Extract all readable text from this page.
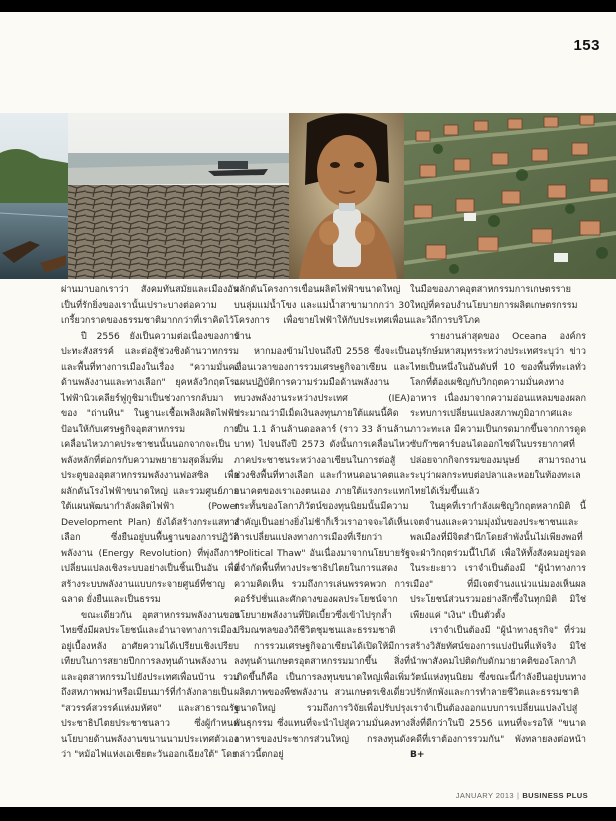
153

ผ่านมาบอกเราว่า สังคมทันสมัยและเมืองอันเป็นที่รักยิ่งของเรานั้นเปราะบางต่อความเกรี้ยวกราดของธรรมชาติมากกว่าที่เราคิดไว้

ปี 2556 ยังเป็นความต่อเนื่องของการปะทะสังสรรค์ และต่อสู้ช่วงชิงด้านวาทกรรมและพื้นที่ทางการเมืองในเรื่อง "ความมั่นคงด้านพลังงานและทางเลือก" ยุคหลังวิกฤตโรงไฟฟ้านิวเคลียร์ฟูกูชิมาเป็นช่วงการกลับมาของ "ถ่านหิน" ในฐานะเชื้อเพลิงผลิตไฟฟ้าป้อนให้กับเศรษฐกิจอุตสาหกรรม การเคลื่อนไหวภาคประชาชนนั้นนอกจากจะเป็นพลังหลักที่ต่อกรกับความพยายามสุดลิ่มทิ่มประตูของอุตสาหกรรมพลังงานฟอสซิล เพื่อผลักดันโรงไฟฟ้าขนาดใหญ่ และรวมศูนย์ภายใต้แผนพัฒนากำลังผลิตไฟฟ้า (Power Development Plan) ยังได้สร้างกระแสทางเลือก ซึ่งยืนอยู่บนพื้นฐานของการปฏิวัติพลังงาน (Energy Revolution) ที่พุ่งถึงการเปลี่ยนแปลงเชิงระบบอย่างเป็นชิ้นเป็นอัน เพื่อสร้างระบบพลังงานแบบกระจายศูนย์ที่ชาญฉลาด ยั่งยืนและเป็นธรรม

ขณะเดียวกัน อุตสาหกรรมพลังงานของไทยซึ่งมีผลประโยชน์และอำนาจทางการเมืองอยู่เบื้องหลัง อาศัยความได้เปรียบเชิงเปรียบเทียบในการสยายปีกการลงทุนด้านพลังงานและอุตสาหกรรมไปยังประเทศเพื่อนบ้าน รวมถึงสหภาพพม่าหรือเมียนมาร์ที่กำลังกลายเป็น "สวรรค์สวรรค์แห่งมหัศจ" และสาธารณรัฐประชาธิปไตยประชาชนลาว ซึ่งผู้กำหนดนโยบายด้านพลังงานขนานนามประเทศตัวเองว่า "หม้อไฟแห่งเอเชียตะวันออกเฉียงใต้" โดย

ผลักดันโครงการเขื่อนผลิตไฟฟ้าขนาดใหญ่บนลุ่มแม่น้ำโขง และแม่น้ำสาขามากกว่า 30 โครงการ เพื่อขายไฟฟ้าให้กับประเทศเพื่อนบ้าน

หากมองข้ามไปจนถึงปี 2558 ซึ่งจะเป็นเงื่อนเวลาของการรวมเศรษฐกิจอาเซียน และแผนปฏิบัติการความร่วมมือด้านพลังงาน ทบวงพลังงานระหว่างประเทศ (IEA) ประมาณว่ามีเม็ดเงินลงทุนภายใต้แผนนี้คิดเป็น 1.1 ล้านล้านดอลลาร์ (ราว 33 ล้านล้านบาท) ไปจนถึงปี 2573 ดังนั้นการเคลื่อนไหวภาคประชาชนระหว่างอาเซียนในการต่อสู้ช่วงชิงพื้นที่ทางเลือก และกำหนดอนาคตและอนาคตของเราเองตนเอง ภายใต้แรงกระแทกกระทั้นของโลกาภิวัตน์ของทุนนิยมนั้นมีความสำคัญเป็นอย่างยิ่งไม่ช้าก็เร็วเราอาจจะได้เห็นการเปลี่ยนแปลงทางการเมืองที่เรียกว่า "Political Thaw" อันเนื่องมาจากนโยบายรัฐที่จำกัดพื้นที่ทางประชาธิปไตยในการแสดงความคิดเห็น รวมถึงการเล่นพรรคพวก การคอร์รัปชั่นและศักดางของผลประโยชน์จากนโยบายพลังงานที่ปิดเบี้ยวซึ่งเข้าไปรุกล้ำปริมณฑลของวิถีชีวิตชุมชนและธรรมชาติ

การรวมเศรษฐกิจอาเซียนได้เปิดให้มีการลงทุนด้านเกษตรอุตสาหกรรมมากขึ้น สิ่งที่เกิดขึ้นก็คือ เป็นการลงทุนขนาดใหญ่เพื่อเพิ่มผลิตภาพของพืชพลังงาน สวนเกษตรเชิงเดี่ยวขนาดใหญ่ รวมถึงการวิจัยเพื่อปรับปรุงพันธุกรรม ซึ่งแทนที่จะนำไปสู่ความมั่นคงทางอาหารของประชากรส่วนใหญ่ กรลงทุนดังกล่าวนี้ตกอยู่

ในมือของภาคอุตสาหกรรมการเกษตรรายใหญ่ที่ครอบงำนโยบายการผลิตเกษตรกรรมและวิถีการบริโภค

รายงานล่าสุดของ Oceana องค์กรอนุรักษ์มหาสมุทรระหว่างประเทศระบุว่า ข่าวไทยเป็นหนึ่งในอันดับที่ 10 ของพื้นที่ทะเลทั่วโลกที่ต้องเผชิญกับวิกฤตความมั่นคงทางอาหาร เนื่องมาจากความอ่อนแหลมของผลกระทบการเปลี่ยนแปลงสภาพภูมิอากาศและภาวะทะเล มีความเป็นกรดมากขึ้นจากการดูดซับก๊าซคาร์บอนไดออกไซด์ในบรรยากาศที่ปล่อยจากกิจกรรมของมนุษย์ สามารถงานระบุว่าผลกระทบต่อปลาและหอยในท้องทะเลไทยได้เริ่มขึ้นแล้ว

ในยุคที่เรากำลังเผชิญวิกฤตหลากมิติ นี้ เจตจำนงและความมุ่งมั่นของประชาชนและพลเมืองที่มีจิตสำนึกโดยลำพังนั้นไม่เพียงพอที่จะฝ่าวิกฤตร่วมนี้ไปได้ เพื่อให้ทั้งสังคมอยู่รอดในระยะยาว เราจำเป็นต้องมี "ผู้นำทางการเมือง" ที่มีเจตจำนงแน่วแน่มองเห็นผลประโยชน์ส่วนรวมอย่างลึกซึ้งในทุกมิติ มิใช่เพียงแค่ "เงิน" เป็นตัวตั้ง

เราจำเป็นต้องมี "ผู้นำทางธุรกิจ" ที่ร่วมสร้างวิสัยทัศน์ของการแบ่งปันที่แท้จริง มิใช่นำพาสังคมไปติดกับดักมายาคติของโลกาภิวัตน์แห่งทุนนิยม ซึ่งขณะนี้กำลังยืนอยู่บนทางปรักหักพังและการทำลายชีวิตและธรรมชาติ เราจำเป็นต้องออกแบบการเปลี่ยนแปลงไปสู่สิ่งที่ดีกว่าในปี 2556 แทนที่จะรอให้ "ขนาดคดีที่เราต้องการรวมกัน" พังทลายลงต่อหน้า B+

JANUARY 2013 | BUSINESS PLUS
